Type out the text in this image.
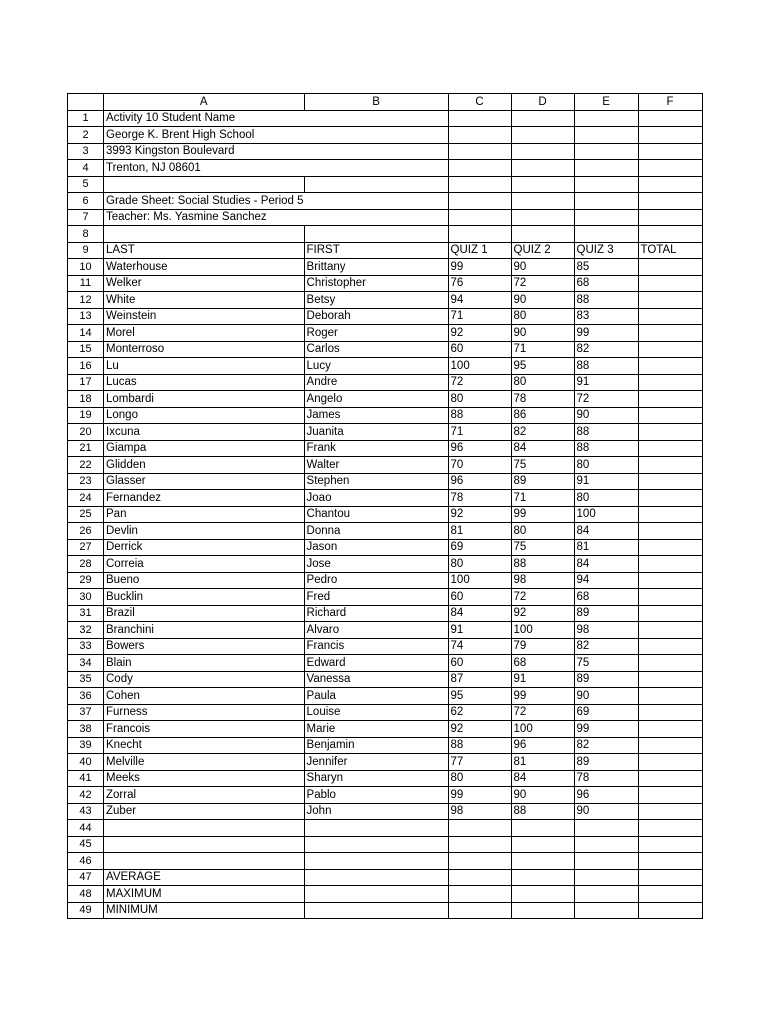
	A	B	C	D	E	F
1	Activity 10 Student Name					
2	George K. Brent High School					
3	3993 Kingston Boulevard					
4	Trenton, NJ 08601					
5						
6	Grade Sheet: Social Studies - Period 5					
7	Teacher: Ms. Yasmine Sanchez					
8						
9	LAST	FIRST	QUIZ 1	QUIZ 2	QUIZ 3	TOTAL
10	Waterhouse	Brittany	99	90	85	
11	Welker	Christopher	76	72	68	
12	White	Betsy	94	90	88	
13	Weinstein	Deborah	71	80	83	
14	Morel	Roger	92	90	99	
15	Monterroso	Carlos	60	71	82	
16	Lu	Lucy	100	95	88	
17	Lucas	Andre	72	80	91	
18	Lombardi	Angelo	80	78	72	
19	Longo	James	88	86	90	
20	Ixcuna	Juanita	71	82	88	
21	Giampa	Frank	96	84	88	
22	Glidden	Walter	70	75	80	
23	Glasser	Stephen	96	89	91	
24	Fernandez	Joao	78	71	80	
25	Pan	Chantou	92	99	100	
26	Devlin	Donna	81	80	84	
27	Derrick	Jason	69	75	81	
28	Correia	Jose	80	88	84	
29	Bueno	Pedro	100	98	94	
30	Bucklin	Fred	60	72	68	
31	Brazil	Richard	84	92	89	
32	Branchini	Alvaro	91	100	98	
33	Bowers	Francis	74	79	82	
34	Blain	Edward	60	68	75	
35	Cody	Vanessa	87	91	89	
36	Cohen	Paula	95	99	90	
37	Furness	Louise	62	72	69	
38	Francois	Marie	92	100	99	
39	Knecht	Benjamin	88	96	82	
40	Melville	Jennifer	77	81	89	
41	Meeks	Sharyn	80	84	78	
42	Zorral	Pablo	99	90	96	
43	Zuber	John	98	88	90	
44						
45						
46						
47	AVERAGE					
48	MAXIMUM					
49	MINIMUM					
